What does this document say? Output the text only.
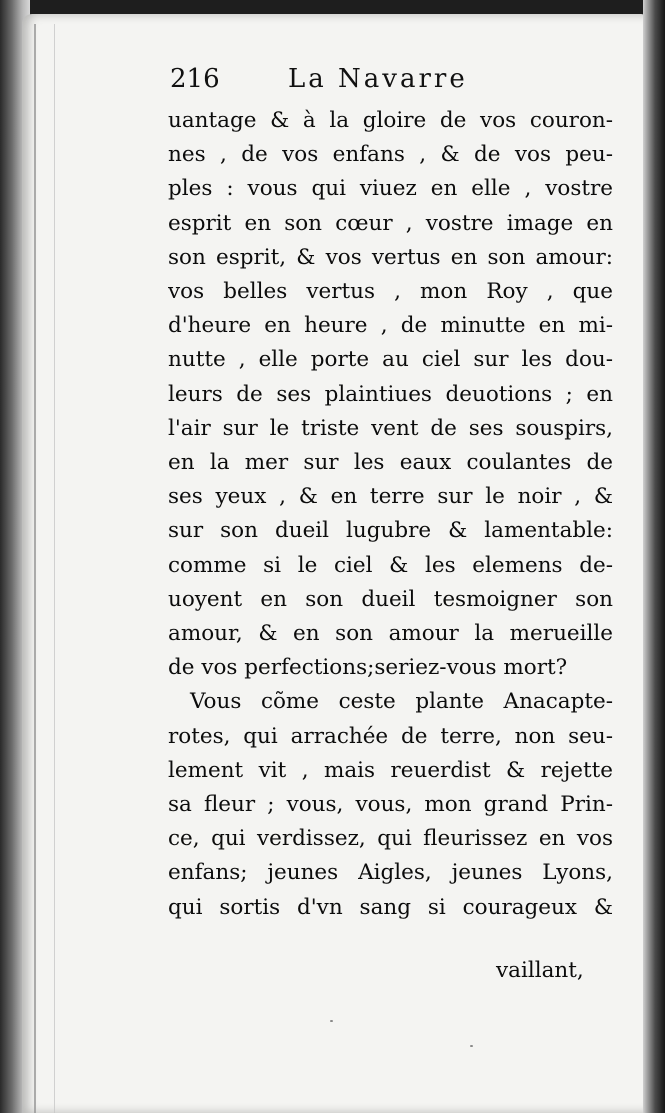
216	La Navarre
uantage & à la gloire de vos couron-
nes , de vos enfans , & de vos peu-
ples : vous qui viuez en elle , vostre
esprit en son cœur , vostre image en
son esprit, & vos vertus en son amour:
vos belles vertus , mon Roy , que
d'heure en heure , de minutte en mi-
nutte , elle porte au ciel sur les dou-
leurs de ses plaintiues deuotions ; en
l'air sur le triste vent de ses souspirs,
en la mer sur les eaux coulantes de
ses yeux , & en terre sur le noir , &
sur son dueil lugubre & lamentable:
comme si le ciel & les elemens de-
uoyent en son dueil tesmoigner son
amour, & en son amour la merueille
de vos perfections;seriez-vous mort?
Vous cõme ceste plante Anacapte-
rotes, qui arrachée de terre, non seu-
lement vit , mais reuerdist & rejette
sa fleur ; vous, vous, mon grand Prin-
ce, qui verdissez, qui fleurissez en vos
enfans; jeunes Aigles, jeunes Lyons,
qui sortis d'vn sang si courageux &
vaillant,
